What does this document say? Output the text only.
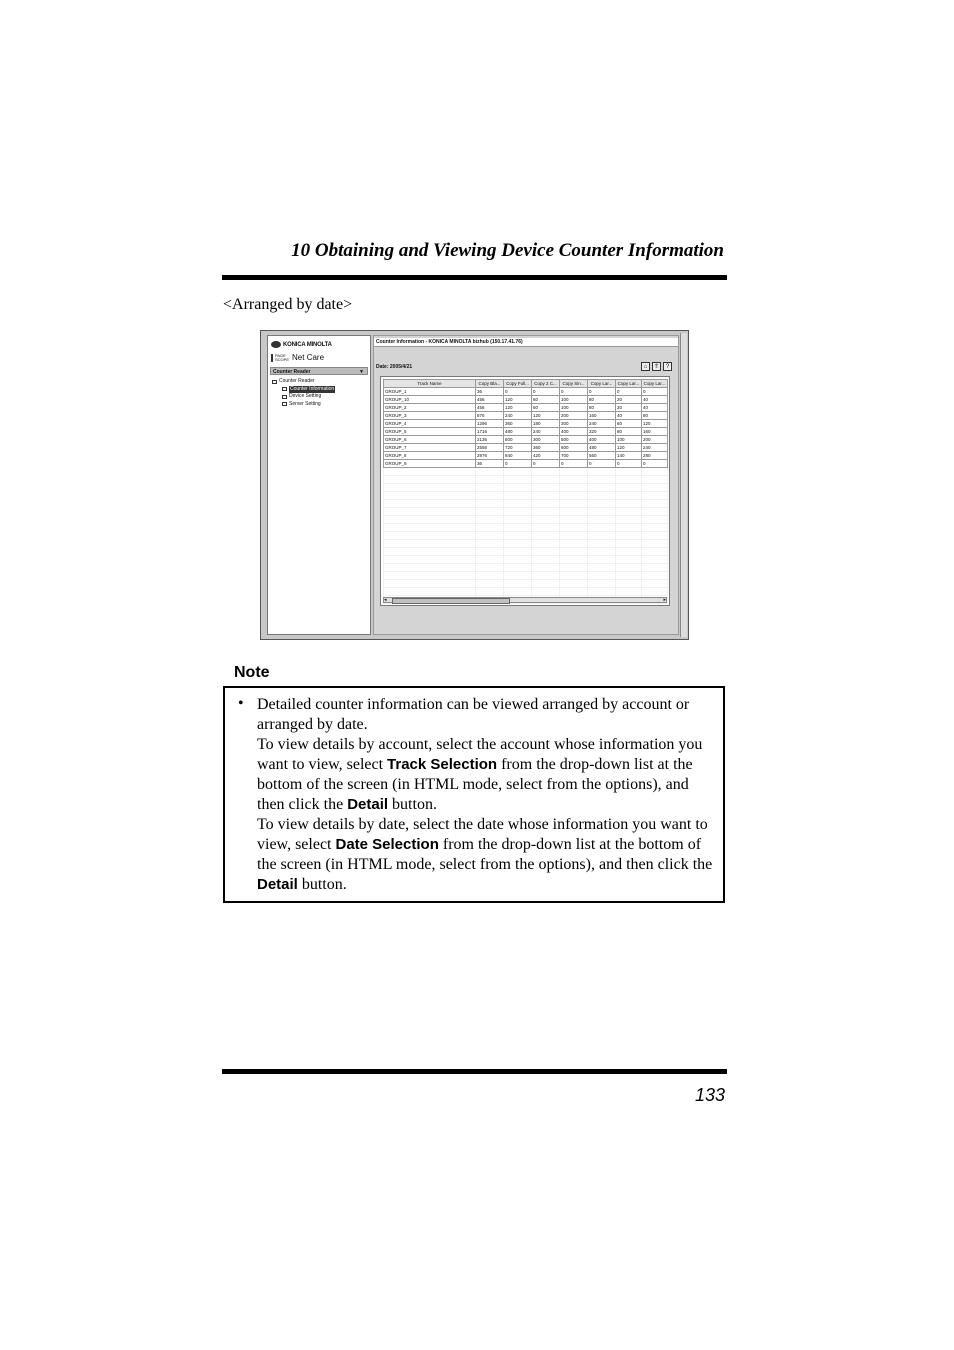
10 Obtaining and Viewing Device Counter Information
<Arranged by date>
KONICA MINOLTA
PAGE
SCOPE Net Care
Counter Reader	▼
Counter Reader
Counter Information
Device Setting
Server Setting
Counter Information - KONICA MINOLTA bizhub (150.17.41.76)
Date: 2005/4/21	⌂	⇑	?
Track Name	Copy Bla...	Copy Full...	Copy 2 C...	Copy Sin...	Copy Lar...	Copy Lar...	Copy Lar...
GROUP_1	36	0	0	0	0	0	0
GROUP_10	456	120	60	100	80	20	40
GROUP_2	456	120	60	100	80	20	40
GROUP_3	876	240	120	200	160	40	80
GROUP_4	1296	360	180	300	240	60	120
GROUP_5	1716	480	240	400	320	80	160
GROUP_6	2136	600	300	500	400	100	200
GROUP_7	2556	720	360	600	480	120	240
GROUP_8	2976	840	420	700	560	140	280
GROUP_9	36	0	0	0	0	0	0

◂	▸
Note
• Detailed counter information can be viewed arranged by account or arranged by date.

To view details by account, select the account whose information you want to view, select Track Selection from the drop-down list at the bottom of the screen (in HTML mode, select from the options), and then click the Detail button.

To view details by date, select the date whose information you want to view, select Date Selection from the drop-down list at the bottom of the screen (in HTML mode, select from the options), and then click the Detail button.

133
